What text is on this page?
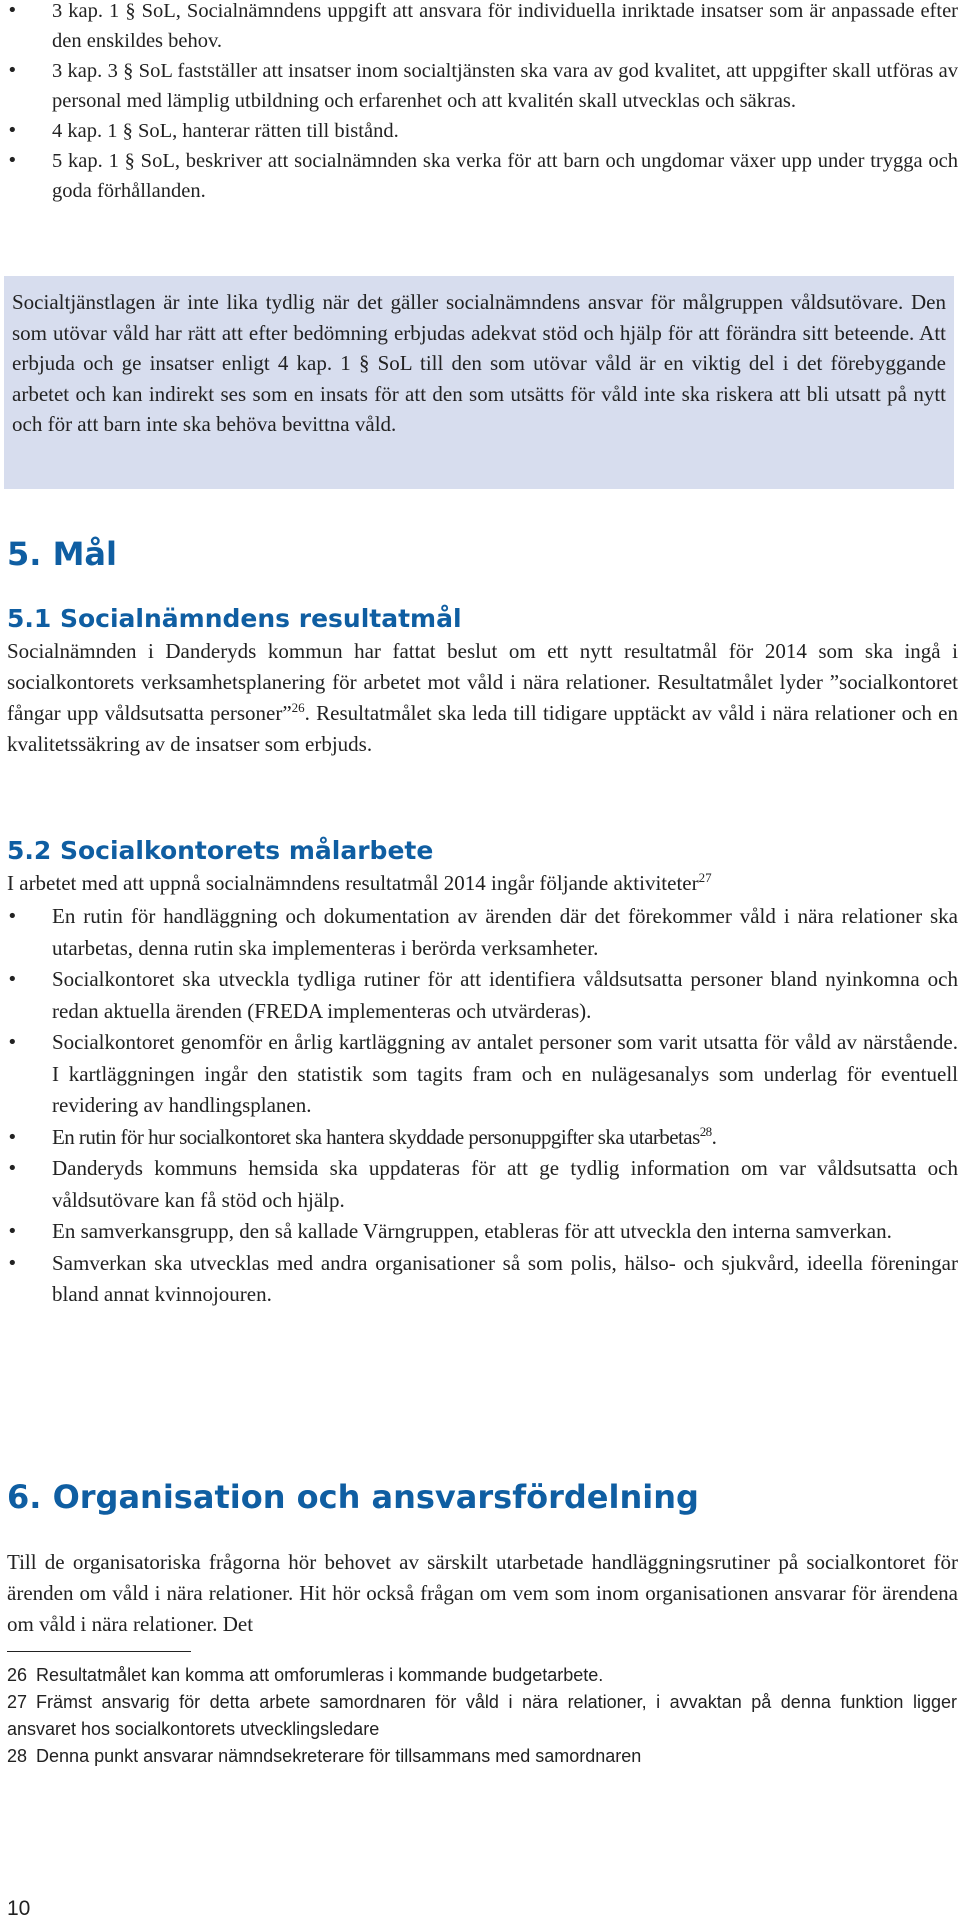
• 3 kap. 1 § SoL, Socialnämndens uppgift att ansvara för individuella inriktade insatser som är anpassade efter den enskildes behov.
• 3 kap. 3 § SoL fastställer att insatser inom socialtjänsten ska vara av god kvalitet, att uppgifter skall utföras av personal med lämplig utbildning och erfarenhet och att kvalitén skall utvecklas och säkras.
• 4 kap. 1 § SoL, hanterar rätten till bistånd.
• 5 kap. 1 § SoL, beskriver att socialnämnden ska verka för att barn och ungdomar växer upp under trygga och goda förhållanden.

Socialtjänstlagen är inte lika tydlig när det gäller socialnämndens ansvar för målgruppen våldsutövare. Den som utövar våld har rätt att efter bedömning erbjudas adekvat stöd och hjälp för att förändra sitt beteende. Att erbjuda och ge insatser enligt 4 kap. 1 § SoL till den som utövar våld är en viktig del i det förebyggande arbetet och kan indirekt ses som en insats för att den som utsätts för våld inte ska riskera att bli utsatt på nytt och för att barn inte ska behöva bevittna våld.

5. Mål
5.1 Socialnämndens resultatmål

Socialnämnden i Danderyds kommun har fattat beslut om ett nytt resultatmål för 2014 som ska ingå i socialkontorets verksamhetsplanering för arbetet mot våld i nära relationer. Resultatmålet lyder ”socialkontoret fångar upp våldsutsatta personer”$^{26}$. Resultatmålet ska leda till tidigare upptäckt av våld i nära relationer och en kvalitetssäkring av de insatser som erbjuds.

5.2 Socialkontorets målarbete

I arbetet med att uppnå socialnämndens resultatmål 2014 ingår följande aktiviteter$^{27}$

• En rutin för handläggning och dokumentation av ärenden där det förekommer våld i nära relationer ska utarbetas, denna rutin ska implementeras i berörda verksamheter.
• Socialkontoret ska utveckla tydliga rutiner för att identifiera våldsutsatta personer bland nyinkomna och redan aktuella ärenden (FREDA implementeras och utvärderas).
• Socialkontoret genomför en årlig kartläggning av antalet personer som varit utsatta för våld av närstående. I kartläggningen ingår den statistik som tagits fram och en nulägesanalys som underlag för eventuell revidering av handlingsplanen.
• En rutin för hur socialkontoret ska hantera skyddade personuppgifter ska utarbetas$^{28}$.
• Danderyds kommuns hemsida ska uppdateras för att ge tydlig information om var våldsutsatta och våldsutövare kan få stöd och hjälp.
• En samverkansgrupp, den så kallade Värngruppen, etableras för att utveckla den interna samverkan.
• Samverkan ska utvecklas med andra organisationer så som polis, hälso- och sjukvård, ideella föreningar bland annat kvinnojouren.
6. Organisation och ansvarsfördelning

Till de organisatoriska frågorna hör behovet av särskilt utarbetade handläggningsrutiner på socialkontoret för ärenden om våld i nära relationer. Hit hör också frågan om vem som inom organisationen ansvarar för ärendena om våld i nära relationer. Det

26 Resultatmålet kan komma att omforumleras i kommande budgetarbete.

27 Främst ansvarig för detta arbete samordnaren för våld i nära relationer, i avvaktan på denna funktion ligger ansvaret hos socialkontorets utvecklingsledare

28 Denna punkt ansvarar nämndsekreterare för tillsammans med samordnaren

10
